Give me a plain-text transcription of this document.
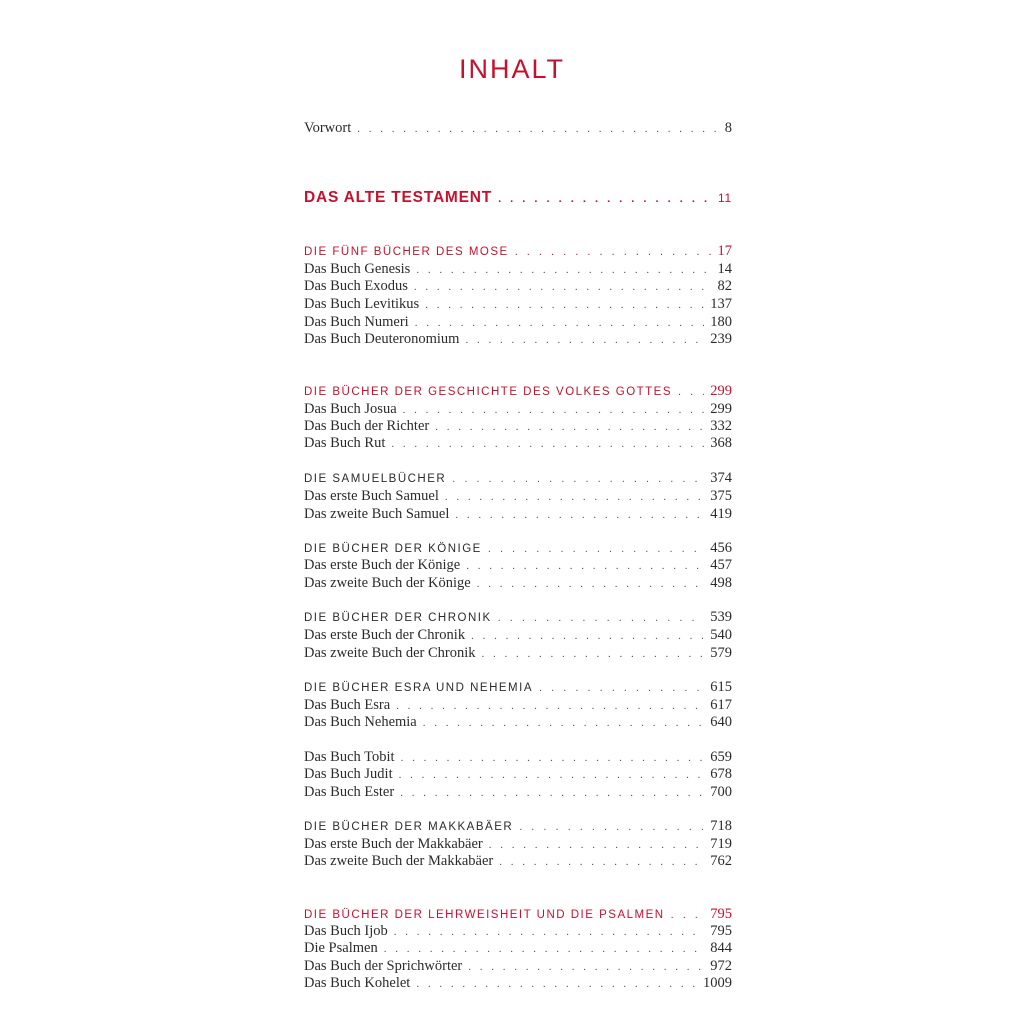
INHALT
Vorwort . . .	8
DAS ALTE TESTAMENT . . .	11
DIE FÜNF BÜCHER DES MOSE . . .	17
Das Buch Genesis . . .	14
Das Buch Exodus . . .	82
Das Buch Levitikus . . .	137
Das Buch Numeri . . .	180
Das Buch Deuteronomium . . .	239
DIE BÜCHER DER GESCHICHTE DES VOLKES GOTTES . . .	299
Das Buch Josua . . .	299
Das Buch der Richter . . .	332
Das Buch Rut . . .	368
DIE SAMUELBÜCHER . . .	374
Das erste Buch Samuel . . .	375
Das zweite Buch Samuel . . .	419
DIE BÜCHER DER KÖNIGE . . .	456
Das erste Buch der Könige . . .	457
Das zweite Buch der Könige . . .	498
DIE BÜCHER DER CHRONIK . . .	539
Das erste Buch der Chronik . . .	540
Das zweite Buch der Chronik . . .	579
DIE BÜCHER ESRA UND NEHEMIA . . .	615
Das Buch Esra . . .	617
Das Buch Nehemia . . .	640
Das Buch Tobit . . .	659
Das Buch Judit . . .	678
Das Buch Ester . . .	700
DIE BÜCHER DER MAKKABÄER . . .	718
Das erste Buch der Makkabäer . . .	719
Das zweite Buch der Makkabäer . . .	762
DIE BÜCHER DER LEHRWEISHEIT UND DIE PSALMEN . . .	795
Das Buch Ijob . . .	795
Die Psalmen . . .	844
Das Buch der Sprichwörter . . .	972
Das Buch Kohelet . . .	1009
